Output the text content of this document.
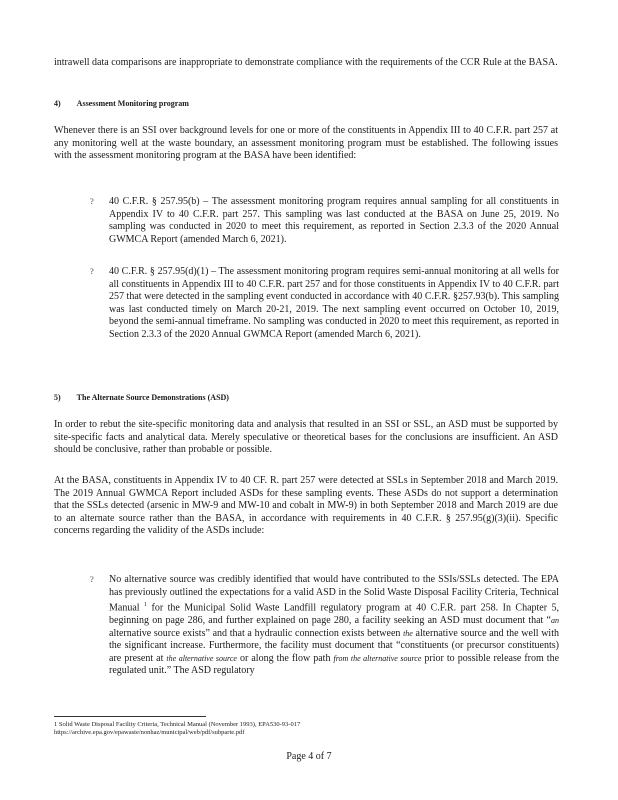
intrawell data comparisons are inappropriate to demonstrate compliance with the requirements of the CCR Rule at the BASA.
4) Assessment Monitoring program
Whenever there is an SSI over background levels for one or more of the constituents in Appendix III to 40 C.F.R. part 257 at any monitoring well at the waste boundary, an assessment monitoring program must be established. The following issues with the assessment monitoring program at the BASA have been identified:
? 40 C.F.R. § 257.95(b) – The assessment monitoring program requires annual sampling for all constituents in Appendix IV to 40 C.F.R. part 257. This sampling was last conducted at the BASA on June 25, 2019. No sampling was conducted in 2020 to meet this requirement, as reported in Section 2.3.3 of the 2020 Annual GWMCA Report (amended March 6, 2021).
? 40 C.F.R. § 257.95(d)(1) – The assessment monitoring program requires semi-annual monitoring at all wells for all constituents in Appendix III to 40 C.F.R. part 257 and for those constituents in Appendix IV to 40 C.F.R. part 257 that were detected in the sampling event conducted in accordance with 40 C.F.R. §257.93(b). This sampling was last conducted timely on March 20-21, 2019. The next sampling event occurred on October 10, 2019, beyond the semi-annual timeframe. No sampling was conducted in 2020 to meet this requirement, as reported in Section 2.3.3 of the 2020 Annual GWMCA Report (amended March 6, 2021).
5) The Alternate Source Demonstrations (ASD)
In order to rebut the site-specific monitoring data and analysis that resulted in an SSI or SSL, an ASD must be supported by site-specific facts and analytical data. Merely speculative or theoretical bases for the conclusions are insufficient. An ASD should be conclusive, rather than probable or possible.
At the BASA, constituents in Appendix IV to 40 CF. R. part 257 were detected at SSLs in September 2018 and March 2019. The 2019 Annual GWMCA Report included ASDs for these sampling events. These ASDs do not support a determination that the SSLs detected (arsenic in MW-9 and MW-10 and cobalt in MW-9) in both September 2018 and March 2019 are due to an alternate source rather than the BASA, in accordance with requirements in 40 C.F.R. § 257.95(g)(3)(ii). Specific concerns regarding the validity of the ASDs include:
? No alternative source was credibly identified that would have contributed to the SSIs/SSLs detected. The EPA has previously outlined the expectations for a valid ASD in the Solid Waste Disposal Facility Criteria, Technical Manual $^1$ for the Municipal Solid Waste Landfill regulatory program at 40 C.F.R. part 258. In Chapter 5, beginning on page 286, and further explained on page 280, a facility seeking an ASD must document that “an alternative source exists” and that a hydraulic connection exists between the alternative source and the well with the significant increase. Furthermore, the facility must document that “constituents (or precursor constituents) are present at the alternative source or along the flow path from the alternative source prior to possible release from the regulated unit.” The ASD regulatory
1 Solid Waste Disposal Facility Criteria, Technical Manual (November 1993), EPA530-93-017
https://archive.epa.gov/epawaste/nonhaz/municipal/web/pdf/subparte.pdf
Page 4 of 7
